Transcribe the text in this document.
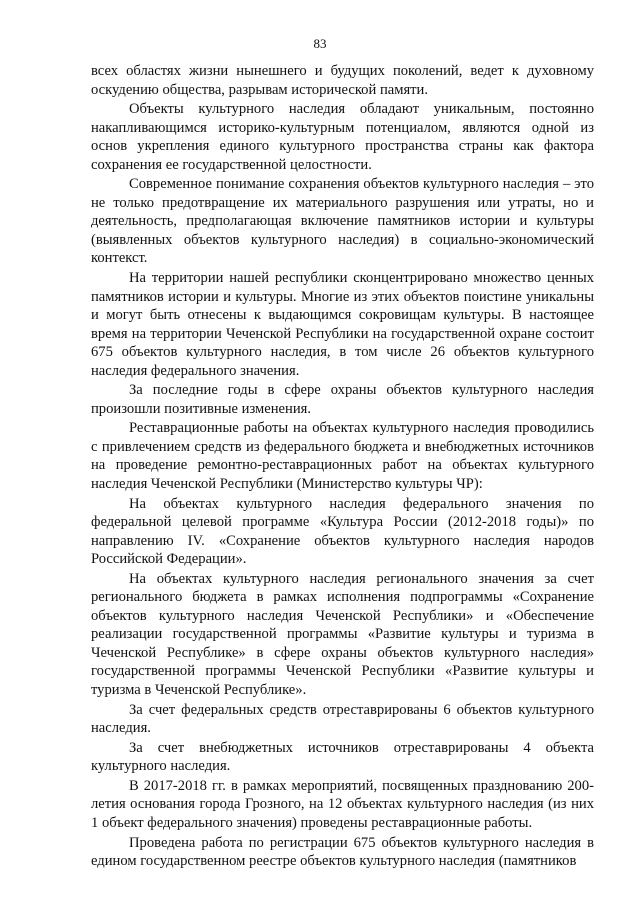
83

всех областях жизни нынешнего и будущих поколений, ведет к духовному оскудению общества, разрывам исторической памяти.

Объекты культурного наследия обладают уникальным, постоянно накапливающимся историко-культурным потенциалом, являются одной из основ укрепления единого культурного пространства страны как фактора сохранения ее государственной целостности.

Современное понимание сохранения объектов культурного наследия – это не только предотвращение их материального разрушения или утраты, но и деятельность, предполагающая включение памятников истории и культуры (выявленных объектов культурного наследия) в социально-экономический контекст.

На территории нашей республики сконцентрировано множество ценных памятников истории и культуры. Многие из этих объектов поистине уникальны и могут быть отнесены к выдающимся сокровищам культуры. В настоящее время на территории Чеченской Республики на государственной охране состоит 675 объектов культурного наследия, в том числе 26 объектов культурного наследия федерального значения.

За последние годы в сфере охраны объектов культурного наследия произошли позитивные изменения.

Реставрационные работы на объектах культурного наследия проводились с привлечением средств из федерального бюджета и внебюджетных источников на проведение ремонтно-реставрационных работ на объектах культурного наследия Чеченской Республики (Министерство культуры ЧР):

На объектах культурного наследия федерального значения по федеральной целевой программе «Культура России (2012-2018 годы)» по направлению IV. «Сохранение объектов культурного наследия народов Российской Федерации».

На объектах культурного наследия регионального значения за счет регионального бюджета в рамках исполнения подпрограммы «Сохранение объектов культурного наследия Чеченской Республики» и «Обеспечение реализации государственной программы «Развитие культуры и туризма в Чеченской Республике» в сфере охраны объектов культурного наследия» государственной программы Чеченской Республики «Развитие культуры и туризма в Чеченской Республике».

За счет федеральных средств отреставрированы 6 объектов культурного наследия.

За счет внебюджетных источников отреставрированы 4 объекта культурного наследия.

В 2017-2018 гг. в рамках мероприятий, посвященных празднованию 200-летия основания города Грозного, на 12 объектах культурного наследия (из них 1 объект федерального значения) проведены реставрационные работы.

Проведена работа по регистрации 675 объектов культурного наследия в едином государственном реестре объектов культурного наследия (памятников
